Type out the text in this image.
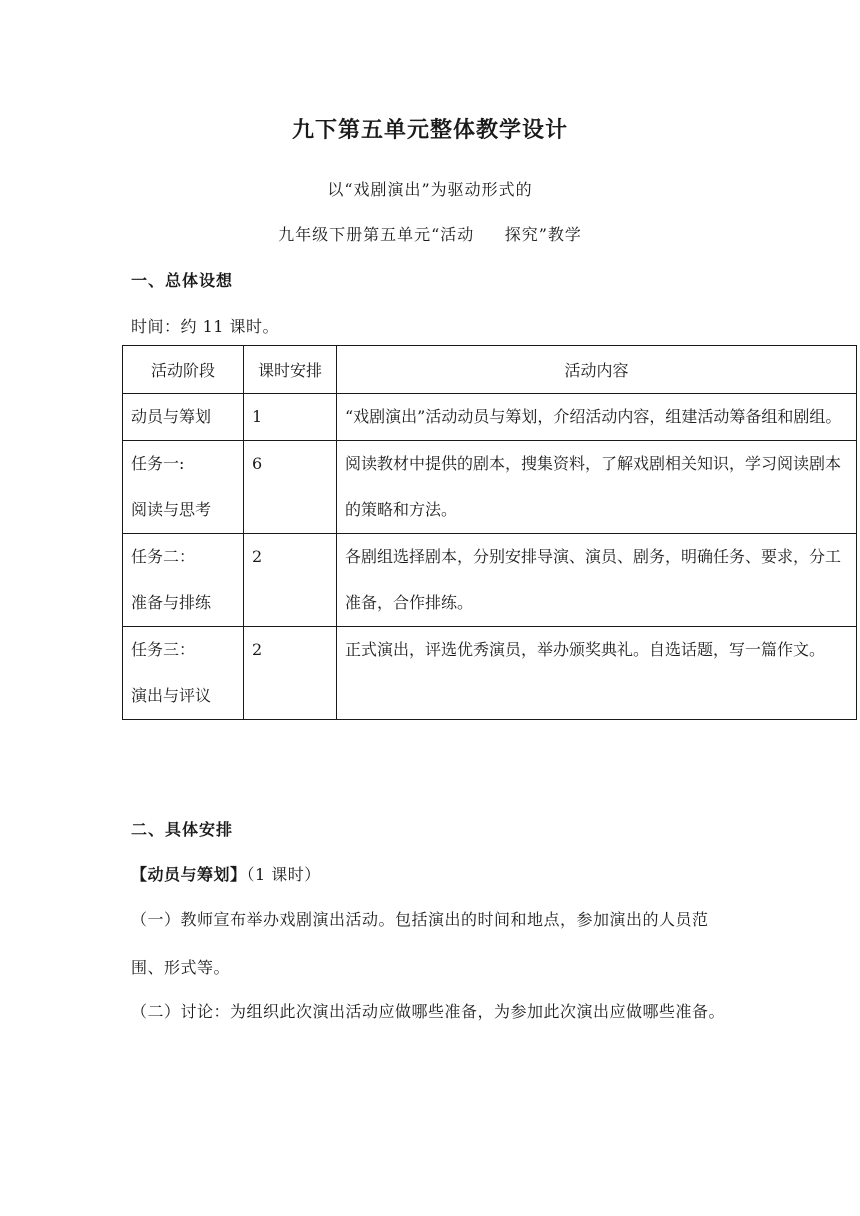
九下第五单元整体教学设计
以“戏剧演出”为驱动形式的
九年级下册第五单元“活动     探究”教学
一、总体设想
时间：约 11 课时。
活动阶段	课时安排	活动内容
动员与筹划	1	“戏剧演出”活动动员与筹划，介绍活动内容，组建活动筹备组和剧组。
任务一:
阅读与思考	6	阅读教材中提供的剧本，搜集资料，了解戏剧相关知识，学习阅读剧本的策略和方法。
任务二：
准备与排练	2	各剧组选择剧本，分别安排导演、演员、剧务，明确任务、要求，分工准备，合作排练。
任务三：
演出与评议	2	正式演出，评选优秀演员，举办颁奖典礼。自选话题，写一篇作文。
二、具体安排
【动员与筹划】（1 课时）
（一）教师宣布举办戏剧演出活动。包括演出的时间和地点，参加演出的人员范围、形式等。
（二）讨论：为组织此次演出活动应做哪些准备，为参加此次演出应做哪些准备。
